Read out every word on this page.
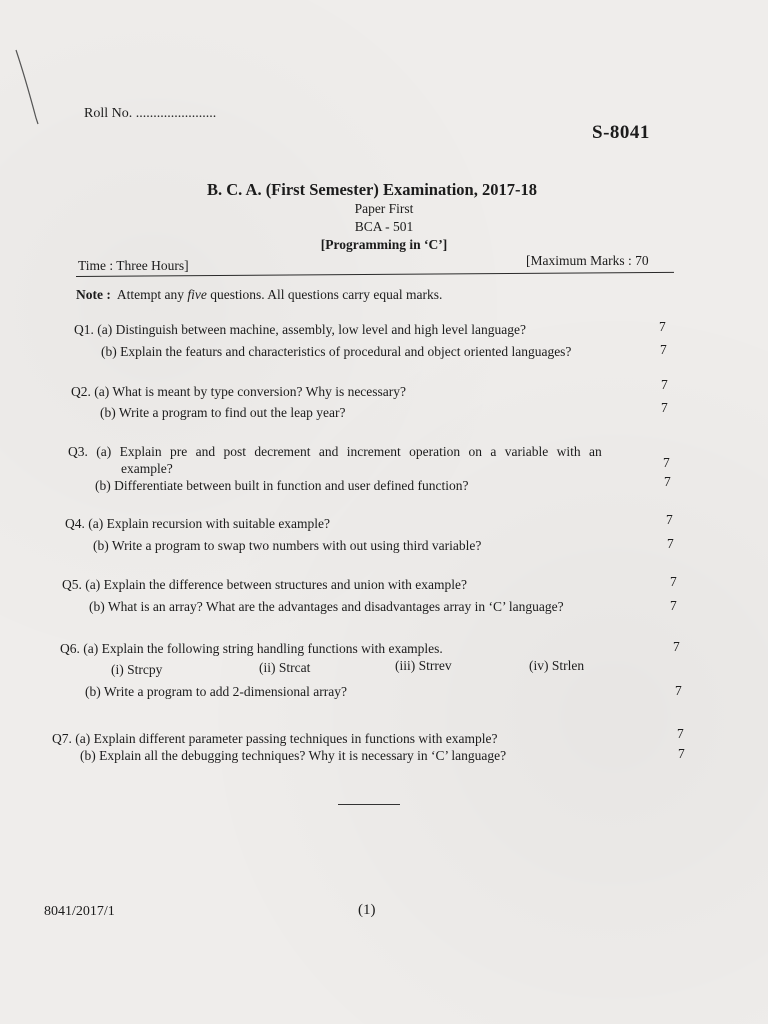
Roll No. .......................
S-8041
B. C. A. (First Semester) Examination, 2017-18
Paper First
BCA - 501
[Programming in ‘C’]
Time : Three Hours]	[Maximum Marks : 70
Note : Attempt any five questions. All questions carry equal marks.
Q1. (a) Distinguish between machine, assembly, low level and high level language?	7
(b) Explain the featurs and characteristics of procedural and object oriented languages?	7
Q2. (a) What is meant by type conversion? Why is necessary?	7
(b) Write a program to find out the leap year?	7
Q3. (a) Explain pre and post decrement and increment operation on a variable with an
example?	7
(b) Differentiate between built in function and user defined function?	7
Q4. (a) Explain recursion with suitable example?	7
(b) Write a program to swap two numbers with out using third variable?	7
Q5. (a) Explain the difference between structures and union with example?	7
(b) What is an array? What are the advantages and disadvantages array in ‘C’ language?	7
Q6. (a) Explain the following string handling functions with examples.	7
(i) Strcpy	(ii) Strcat	(iii) Strrev	(iv) Strlen
(b) Write a program to add 2-dimensional array?	7
Q7. (a) Explain different parameter passing techniques in functions with example?	7
(b) Explain all the debugging techniques? Why it is necessary in ‘C’ language?	7
8041/2017/1	(1)
